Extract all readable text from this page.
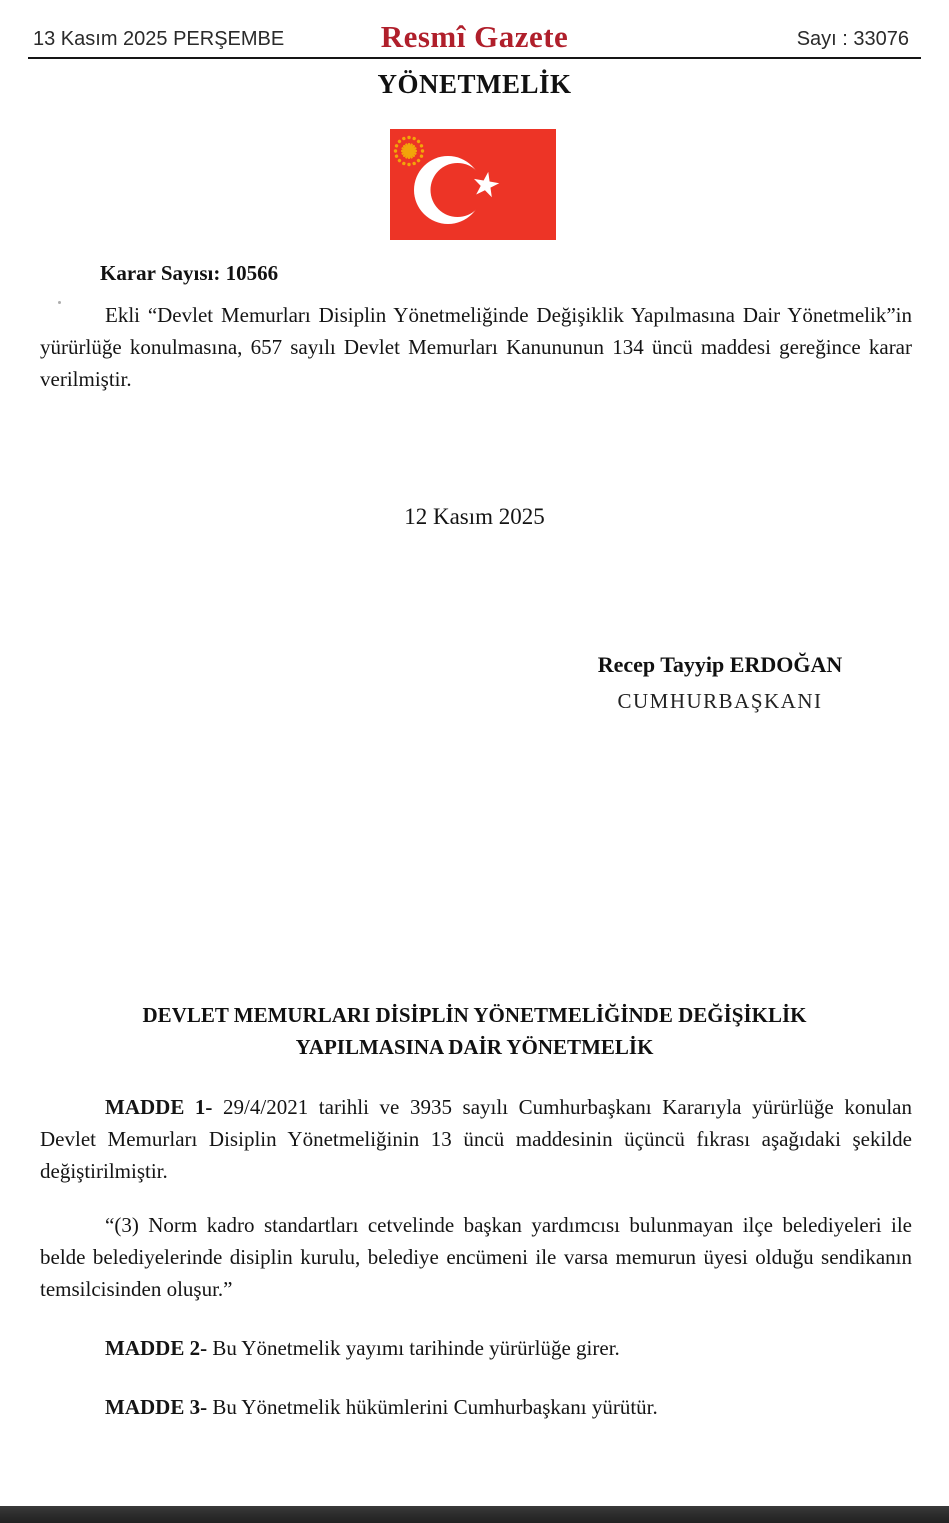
13 Kasım 2025 PERŞEMBE	Resmî Gazete	Sayı : 33076
YÖNETMELİK
Karar Sayısı: 10566

Ekli “Devlet Memurları Disiplin Yönetmeliğinde Değişiklik Yapılmasına Dair Yönetmelik”in yürürlüğe konulmasına, 657 sayılı Devlet Memurları Kanununun 134 üncü maddesi gereğince karar verilmiştir.

12 Kasım 2025
Recep Tayyip ERDOĞAN
CUMHURBAŞKANI
DEVLET MEMURLARI DİSİPLİN YÖNETMELİĞİNDE DEĞİŞİKLİK
YAPILMASINA DAİR YÖNETMELİK

MADDE 1- 29/4/2021 tarihli ve 3935 sayılı Cumhurbaşkanı Kararıyla yürürlüğe konulan Devlet Memurları Disiplin Yönetmeliğinin 13 üncü maddesinin üçüncü fıkrası aşağıdaki şekilde değiştirilmiştir.

“(3) Norm kadro standartları cetvelinde başkan yardımcısı bulunmayan ilçe belediyeleri ile belde belediyelerinde disiplin kurulu, belediye encümeni ile varsa memurun üyesi olduğu sendikanın temsilcisinden oluşur.”

MADDE 2- Bu Yönetmelik yayımı tarihinde yürürlüğe girer.

MADDE 3- Bu Yönetmelik hükümlerini Cumhurbaşkanı yürütür.
